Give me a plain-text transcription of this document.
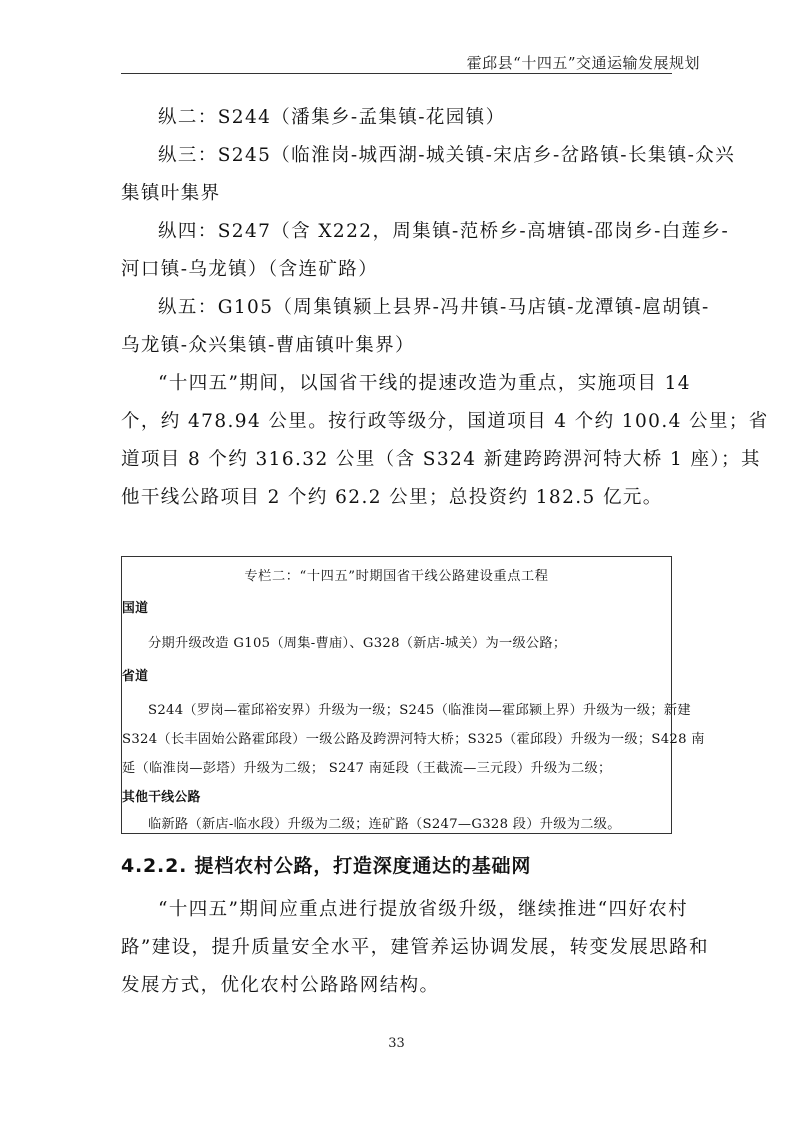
霍邱县“十四五”交通运输发展规划
纵二：S244（潘集乡-孟集镇-花园镇）
纵三：S245（临淮岗-城西湖-城关镇-宋店乡-岔路镇-长集镇-众兴
集镇叶集界
纵四：S247（含 X222，周集镇-范桥乡-高塘镇-邵岗乡-白莲乡-
河口镇-乌龙镇）（含连矿路）
纵五：G105（周集镇颍上县界-冯井镇-马店镇-龙潭镇-扈胡镇-
乌龙镇-众兴集镇-曹庙镇叶集界）
“十四五”期间，以国省干线的提速改造为重点，实施项目 14
个，约 478.94 公里。按行政等级分，国道项目 4 个约 100.4 公里；省
道项目 8 个约 316.32 公里（含 S324 新建跨跨淠河特大桥 1 座）；其
他干线公路项目 2 个约 62.2 公里；总投资约 182.5 亿元。
专栏二：“十四五”时期国省干线公路建设重点工程
国道
分期升级改造 G105（周集-曹庙）、G328（新店-城关）为一级公路；
省道
S244（罗岗—霍邱裕安界）升级为一级；S245（临淮岗—霍邱颍上界）升级为一级；新建
S324（长丰固始公路霍邱段）一级公路及跨淠河特大桥；S325（霍邱段）升级为一级；S428 南
延（临淮岗—彭塔）升级为二级； S247 南延段（王截流—三元段）升级为二级；
其他干线公路
临新路（新店-临水段）升级为二级；连矿路（S247—G328 段）升级为二级。
4.2.2. 提档农村公路，打造深度通达的基础网
“十四五”期间应重点进行提放省级升级，继续推进“四好农村
路”建设，提升质量安全水平，建管养运协调发展，转变发展思路和
发展方式，优化农村公路路网结构。
33
